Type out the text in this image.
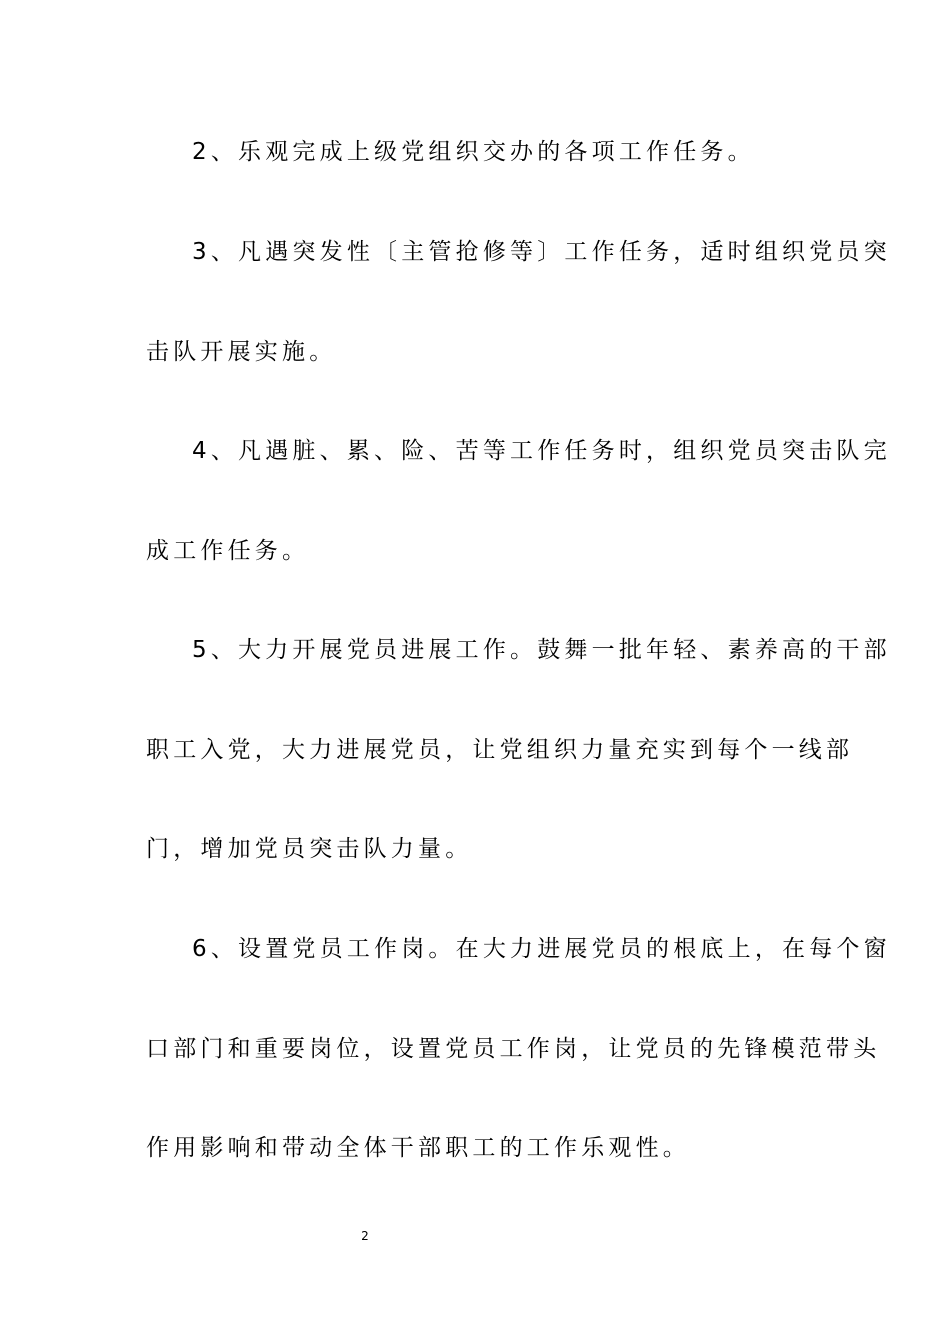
2、乐观完成上级党组织交办的各项工作任务。
3、凡遇突发性〔主管抢修等〕工作任务，适时组织党员突
击队开展实施。
4、凡遇脏、累、险、苦等工作任务时，组织党员突击队完
成工作任务。
5、大力开展党员进展工作。鼓舞一批年轻、素养高的干部
职工入党，大力进展党员，让党组织力量充实到每个一线部
门，增加党员突击队力量。
6、设置党员工作岗。在大力进展党员的根底上，在每个窗
口部门和重要岗位，设置党员工作岗，让党员的先锋模范带头
作用影响和带动全体干部职工的工作乐观性。
2
